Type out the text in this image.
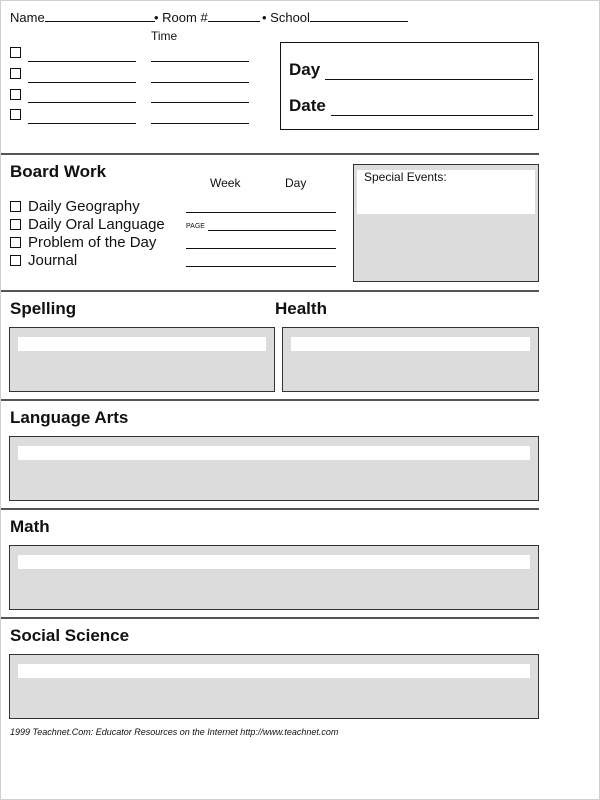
Name	• Room #	• School
Time
Day
Date
Board Work
Week	Day
Daily Geography
Daily Oral Language	PAGE
Problem of the Day
Journal
Special Events:
Spelling	Health
Language Arts
Math
Social Science
1999 Teachnet.Com: Educator Resources on the Internet http://www.teachnet.com
